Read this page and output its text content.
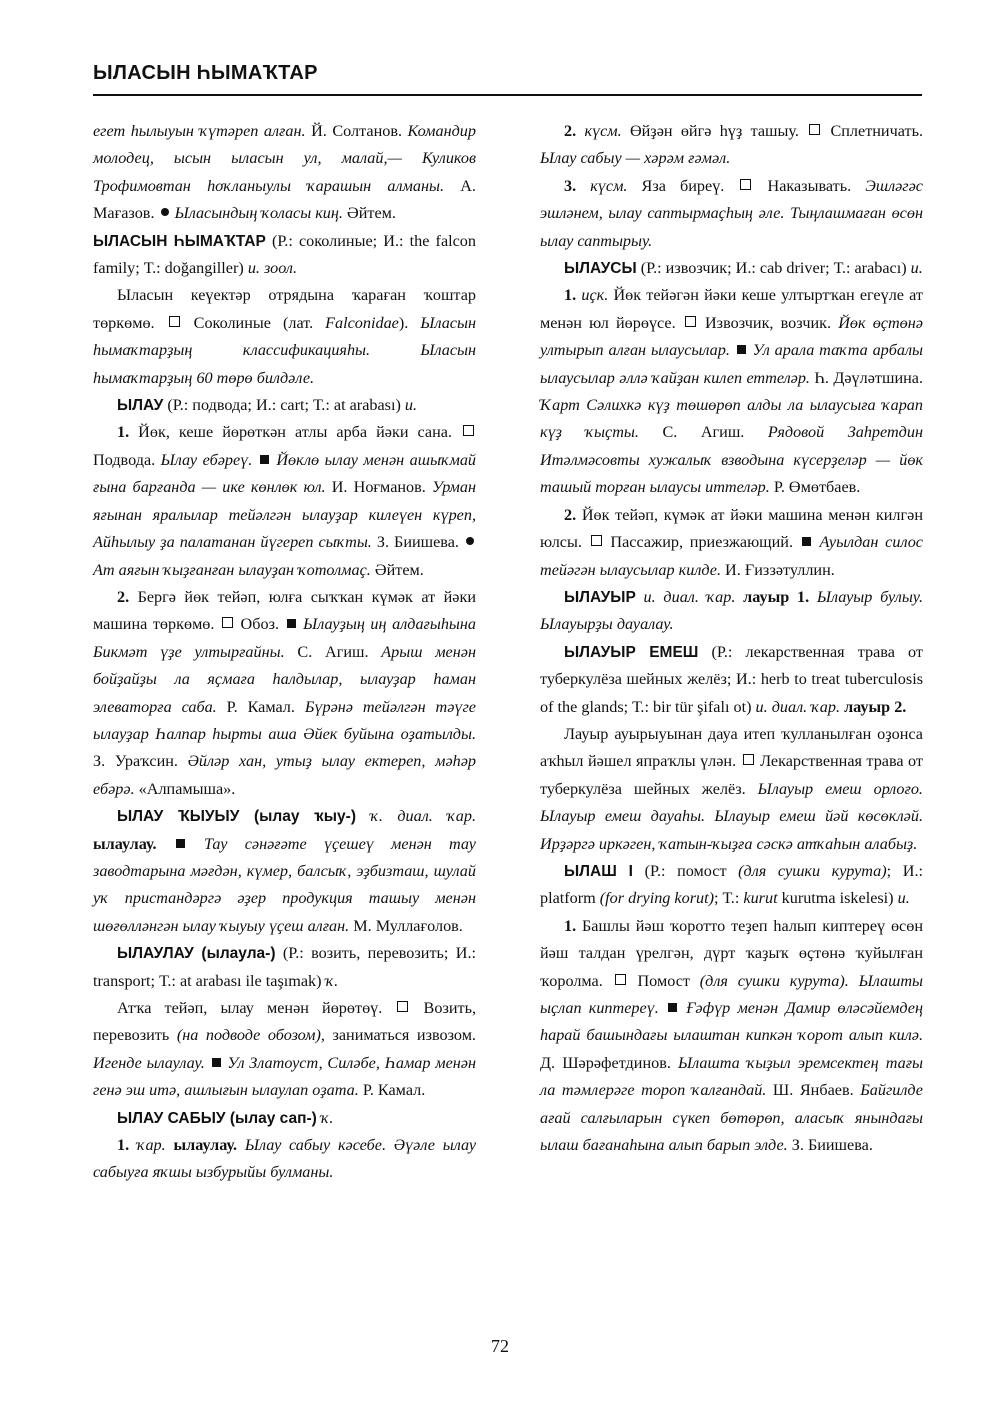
ЫЛАСЫН ҺЫМАҠТАР

егет һылыуын ҡүтәреп алған. Й. Солтанов. Командир молодец, ысын ыласын ул, малай,— Куликов Трофимовтан һоҡланыулы ҡарашын алманы. А. Мағазов.  Ыласындың ҡоласы киң. Әйтем.

ЫЛАСЫН ҺЫМАҠТАР (Р.: соколиные; И.: the falcon family; Т.: doğangiller) и. зоол.

Ыласын кеүектәр отрядына ҡараған ҡоштар төркөмө.  Соколиные (лат. Falconidae). Ыласын һымаҡтарҙың классификацияһы. Ыласын һымаҡтарҙың 60 төрө билдәле.

ЫЛАУ (Р.: подвода; И.: cart; Т.: at arabası) и.

1. Йөк, кеше йөрөткән атлы арба йәки сана.  Подвода. Ылау ебәреү.  Йөклө ылау менән ашыҡмай ғына барғанда — ике көнлөк юл. И. Ноғманов. Урман яғынан яралылар тейәлгән ылауҙар килеүен күреп, Айһылыу ҙа палатанан йүгереп сыҡты. З. Биишева.  Ат аяғын ҡыҙғанған ылауҙан ҡотолмаҫ. Әйтем.

2. Бергә йөк тейәп, юлға сыҡҡан күмәк ат йәки машина төркөмө.  Обоз.  Ылауҙың иң алдағыһына Бикмәт үҙе ултырғайны. С. Агиш. Арыш менән бойҙайҙы ла яҫмаға һалдылар, ылауҙар һаман элеваторға саба. Р. Камал. Бүрәнә тейәлгән тәүге ылауҙар Һалпар һырты аша Әйек буйына оҙатылды. З. Ураҡсин. Әйләр хан, утыҙ ылау ектереп, мәһәр ебәрә. «Алпамыша».

ЫЛАУ ҠЫУЫУ (ылау ҡыу-) ҡ. диал. ҡар. ылаулау.  Тау сәнәғәте үҫешеү менән тау заводтарына мәғдән, күмер, балсыҡ, эҙбизташ, шулай уҡ пристандәргә әҙер продукция ташыу менән шөғөлләнгән ылау ҡыуыу үҫеш алған. М. Муллағолов.

ЫЛАУЛАУ (ылаула-) (Р.: возить, перевозить; И.: transport; Т.: at arabası ile taşımak) ҡ.

Атҡа тейәп, ылау менән йөрөтөү.  Возить, перевозить (на подводе обозом), заниматься извозом. Игенде ылаулау.  Ул Златоуст, Силәбе, Һамар менән генә эш итә, ашлығын ылаулап оҙата. Р. Камал.

ЫЛАУ САБЫУ (ылау сап-) ҡ.

1. ҡар. ылаулау. Ылау сабыу кәсебе. Әүәле ылау сабыуға яҡшы ызбурыйы булманы.

2. күсм. Өйҙән өйгә һүҙ ташыу.  Сплетничать. Ылау сабыу — хәрәм ғәмәл.

3. күсм. Яза биреү.  Наказывать. Эшләгәс эшләнем, ылау саптырмаҫһың әле. Тыңлашмаған өсөн ылау саптырыу.

ЫЛАУСЫ (Р.: извозчик; И.: cab driver; Т.: arabacı) и.

1. иҫк. Йөк тейәгән йәки кеше ултыртҡан егеүле ат менән юл йөрөүсе.  Извозчик, возчик. Йөк өҫтөнә ултырып алған ылаусылар.  Ул арала таҡта арбалы ылаусылар әллә ҡайҙан килеп еттеләр. Һ. Дәүләтшина. Ҡарт Сәлихкә күҙ төшөрөп алды ла ылаусыға ҡарап күҙ ҡыҫты. С. Агиш. Рядовой Заһретдин Итәлмәсовты хужалыҡ взводына күсерҙеләр — йөк ташый торған ылаусы иттеләр. Р. Өмөтбаев.

2. Йөк тейәп, күмәк ат йәки машина менән килгән юлсы.  Пассажир, приезжающий.  Ауылдан силос тейәгән ылаусылар килде. И. Ғиззәтуллин.

ЫЛАУЫР и. диал. ҡар. лауыр 1. Ылауыр булыу. Ылауырҙы дауалау.

ЫЛАУЫР ЕМЕШ (Р.: лекарственная трава от туберкулёза шейных желёз; И.: herb to treat tuberculosis of the glands; Т.: bir tür şifalı ot) и. диал. ҡар. лауыр 2.

Лауыр ауырыуынан дауа итеп ҡулланылған оҙонса аҡһыл йәшел япраҡлы үлән.  Лекарственная трава от туберкулёза шейных желёз. Ылауыр емеш орлоғо. Ылауыр емеш дауаһы. Ылауыр емеш йәй көсөкләй. Ирҙәргә иркәген, ҡатын-ҡыҙға сәскә атҡаһын алабыҙ.

ЫЛАШ I (Р.: помост (для сушки курута); И.: platform (for drying korut); Т.: kurut kurutma iskelesi) и.

1. Башлы йәш ҡоротто теҙеп һалып киптереү өсөн йәш талдан үрелгән, дүрт ҡаҙыҡ өҫтөнә ҡуйылған ҡоролма.  Помост (для сушки курута). Ылашты ыҫлап киптереү.  Ғәфүр менән Дамир өләсәйемдең һарай башындағы ылаштан кипкән ҡорот алып килә. Д. Шәрәфетдинов. Ылашта ҡыҙыл эремсектең тағы ла тәмлерәге тороп ҡалғандай. Ш. Янбаев. Байгилде ағай салғыларын сүкеп бөтөрөп, аласыҡ янындағы ылаш бағанаһына алып барып элде. З. Биишева.

72
